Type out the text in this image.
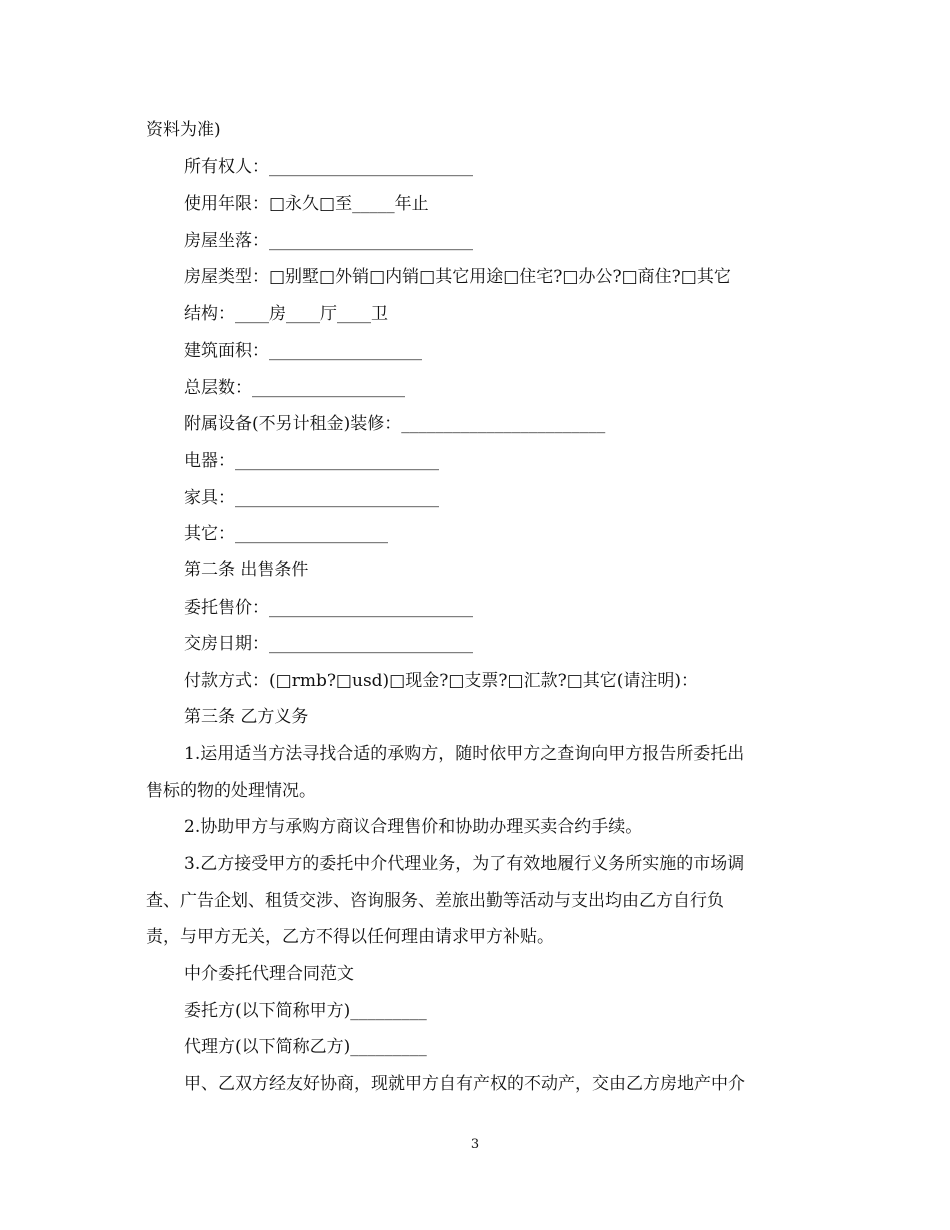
资料为准)
所有权人：________________________
使用年限：□永久□至_____年止
房屋坐落：________________________
房屋类型：□别墅□外销□内销□其它用途□住宅?□办公?□商住?□其它
结构：____房____厅____卫
建筑面积：__________________
总层数：__________________
附属设备(不另计租金)装修：________________________
电器：________________________
家具：________________________
其它：__________________
第二条 出售条件
委托售价：________________________
交房日期：________________________
付款方式：(□rmb?□usd)□现金?□支票?□汇款?□其它(请注明)：
第三条 乙方义务
1.运用适当方法寻找合适的承购方，随时依甲方之查询向甲方报告所委托出
售标的物的处理情况。
2.协助甲方与承购方商议合理售价和协助办理买卖合约手续。
3.乙方接受甲方的委托中介代理业务，为了有效地履行义务所实施的市场调
查、广告企划、租赁交涉、咨询服务、差旅出勤等活动与支出均由乙方自行负
责，与甲方无关，乙方不得以任何理由请求甲方补贴。
中介委托代理合同范文
委托方(以下简称甲方)_________
代理方(以下简称乙方)_________
甲、乙双方经友好协商，现就甲方自有产权的不动产，交由乙方房地产中介
3
